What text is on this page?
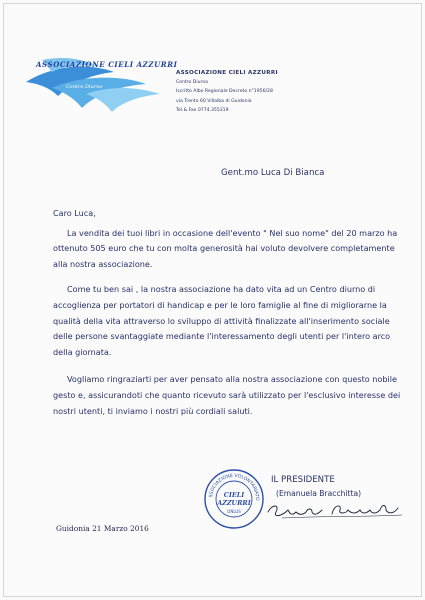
ASSOCIAZIONE CIELI AZZURRI
Centro Diurno
ASSOCIAZIONE CIELI AZZURRI
Centro Diurno
Iscritto Albo Regionale Decreto n°1956/28
via Trento 60 Villalba di Guidonia
Tel.& Fax 0774.355319
Gent.mo Luca Di Bianca

Caro Luca,

La vendita dei tuoi libri in occasione dell'evento " Nel suo nome" del 20 marzo ha ottenuto 505 euro che tu con molta generosità hai voluto devolvere completamente alla nostra associazione.

Come tu ben sai , la nostra associazione ha dato vita ad un Centro diurno di accoglienza per portatori di handicap e per le loro famiglie al fine di migliorarne la qualità della vita attraverso lo sviluppo di attività finalizzate all'inserimento sociale delle persone svantaggiate mediante l'interessamento degli utenti per l'intero arco della giornata.

Vogliamo ringraziarti per aver pensato alla nostra associazione con questo nobile gesto e, assicurandoti che quanto ricevuto sarà utilizzato per l'esclusivo interesse dei nostri utenti, ti inviamo i nostri più cordiali saluti.

SSOCIAZIONE VOLONTARIATO
CIELI
AZZURRI
ONLUS
IL PRESIDENTE
(Emanuela Bracchitta)
Guidonia 21 Marzo 2016
